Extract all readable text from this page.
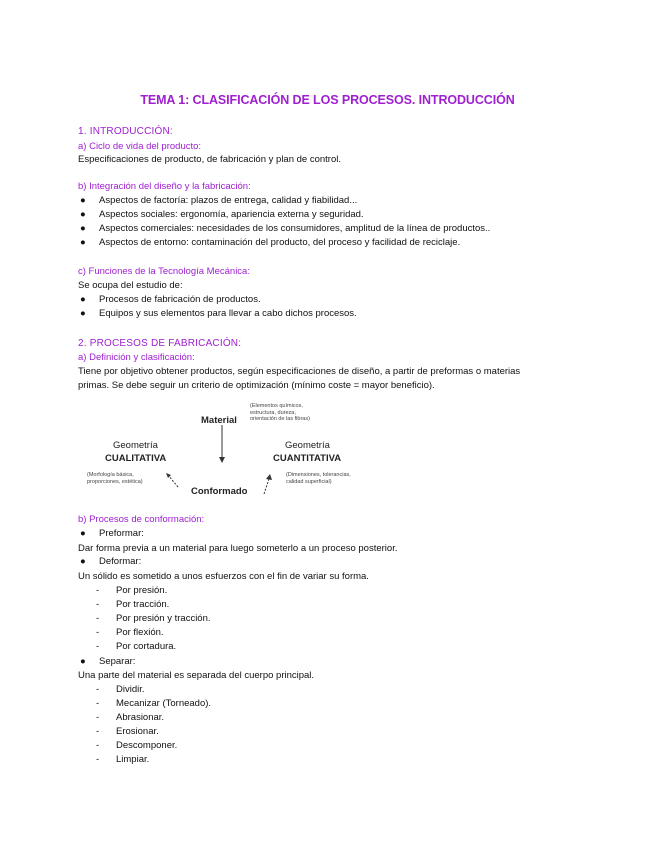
TEMA 1: CLASIFICACIÓN DE LOS PROCESOS. INTRODUCCIÓN
1. INTRODUCCIÓN:
a) Ciclo de vida del producto:
Especificaciones de producto, de fabricación y plan de control.
b) Integración del diseño y la fabricación:
● Aspectos de factoría: plazos de entrega, calidad y fiabilidad...
● Aspectos sociales: ergonomía, apariencia externa y seguridad.
● Aspectos comerciales: necesidades de los consumidores, amplitud de la línea de productos..
● Aspectos de entorno: contaminación del producto, del proceso y facilidad de reciclaje.
c) Funciones de la Tecnología Mecánica:
Se ocupa del estudio de:
● Procesos de fabricación de productos.
● Equipos y sus elementos para llevar a cabo dichos procesos.
2. PROCESOS DE FABRICACIÓN:
a) Definición y clasificación:
Tiene por objetivo obtener productos, según especificaciones de diseño, a partir de preformas o materias
primas. Se debe seguir un criterio de optimización (mínimo coste = mayor beneficio).
Material
(Elementos químicos,
estructura, dureza,
orientación de las fibras)
Geometría
CUALITATIVA
(Morfología básica,
proporciones, estética)
Geometría
CUANTITATIVA
(Dimensiones, tolerancias,
calidad superficial)
Conformado
b) Procesos de conformación:
● Preformar:
Dar forma previa a un material para luego someterlo a un proceso posterior.
● Deformar:
Un sólido es sometido a unos esfuerzos con el fin de variar su forma.
- Por presión.
- Por tracción.
- Por presión y tracción.
- Por flexión.
- Por cortadura.
● Separar:
Una parte del material es separada del cuerpo principal.
- Dividir.
- Mecanizar (Torneado).
- Abrasionar.
- Erosionar.
- Descomponer.
- Limpiar.
